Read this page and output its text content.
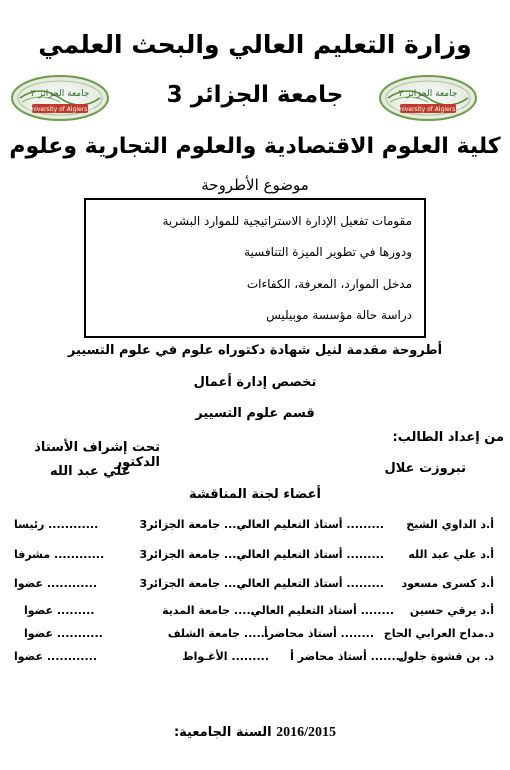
وزارة التعليم العالي والبحث العلمي
جامعة الجزائر ٣
University of Algiers 3
جامعة الجزائر 3	جامعة الجزائر ٣
University of Algiers 3
كلية العلوم الاقتصادية والعلوم التجارية وعلوم
موضوع الأطروحة
مقومات تفعيل الإدارة الاستراتيجية للموارد البشرية
ودورها في تطوير الميزة التنافسية
مدخل الموارد، المعرفة، الكفاءات
دراسة حالة مؤسسة موبيليس
أطروحة مقدمة لنيل شهادة دكتوراه علوم في علوم التسيير
تخصص إدارة أعمال
قسم علوم التسيير
من إعداد الطالب:
تبروزت علال
تحت إشراف الأستاذ الدكتور
علي عبد الله
أعضاء لجنة المناقشة
أ.د الداوي الشيخ
......... أستاذ التعليم العالي
...... جامعة الجزائر3
............ رئيسا
أ.د علي عبد الله
......... أستاذ التعليم العالي
...... جامعة الجزائر3
............ مشرفا
أ.د كسرى مسعود
......... أستاذ التعليم العالي
...... جامعة الجزائر3
............ عضوا
أ.د يرقي حسين
........ أستاذ التعليم العالي
...... جامعة المدية
......... عضوا
د.مداح العرابي الحاج
........ أستاذ محاضرأ
...... جامعة الشلف
........... عضوا
د. بن قشوة جلول
........ أستاذ محاضر أ
......... الأغـواط
............ عضوا
السنة الجامعية: 2016/2015
